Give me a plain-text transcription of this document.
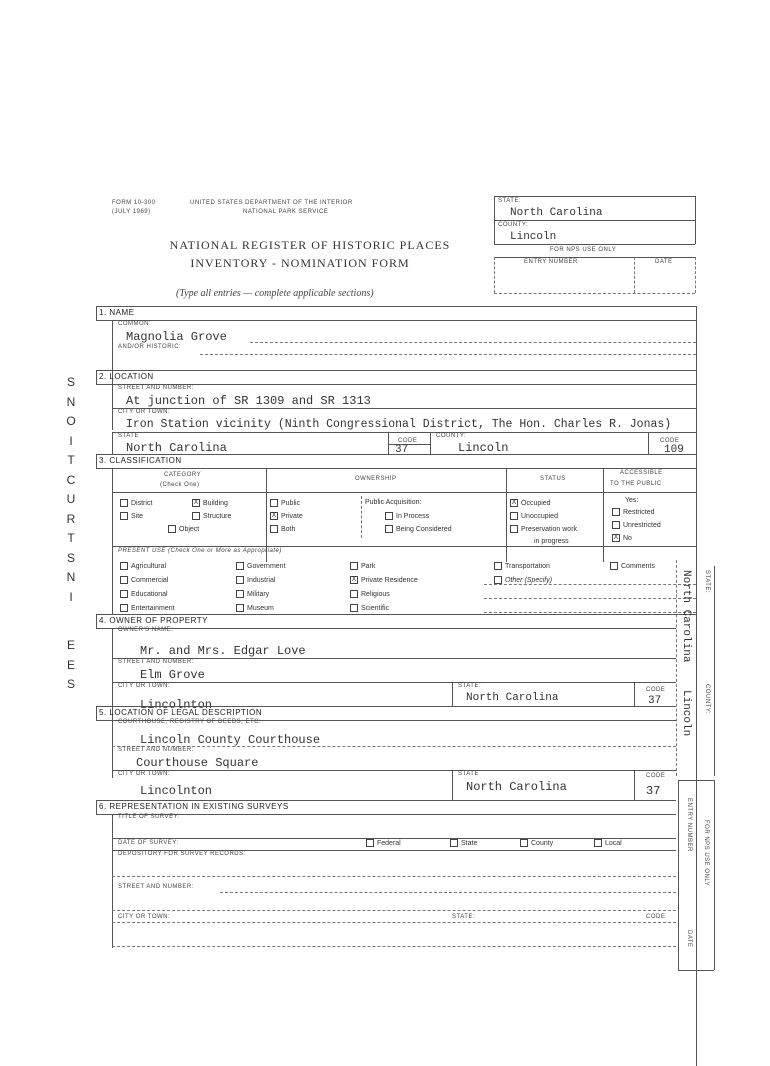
FORM 10-300
(JULY 1969)
UNITED STATES DEPARTMENT OF THE INTERIOR
NATIONAL PARK SERVICE
NATIONAL REGISTER OF HISTORIC PLACES
INVENTORY - NOMINATION FORM
(Type all entries — complete applicable sections)
STATE:
North Carolina
COUNTY:
Lincoln
FOR NPS USE ONLY
ENTRY NUMBER	DATE
S
N
O
I
T
C
U
R
T
S
N
I

E
E
S
1. NAME
COMMON:
Magnolia Grove
AND/OR HISTORIC:
2. LOCATION
STREET AND NUMBER:
At junction of SR 1309 and SR 1313
CITY OR TOWN:
Iron Station vicinity (Ninth Congressional District, The Hon. Charles R. Jonas)
STATE
North Carolina	CODE
37
COUNTY:
Lincoln	CODE
109
3. CLASSIFICATION
CATEGORY
(Check One)
OWNERSHIP	STATUS
ACCESSIBLE
TO THE PUBLIC
District	X Building
Site	Structure
Object
Public
X Private
Both
Public Acquisition:
In Process
Being Considered
X Occupied
Unoccupied
Preservation work
in progress
Yes:
Restricted
Unrestricted
X No
PRESENT USE (Check One or More as Appropriate)
Agricultural	Government	Park	Transportation	Comments
Commercial	Industrial	X Private Residence	Other (Specify)
Educational	Military	Religious
Entertainment	Museum	Scientific
4. OWNER OF PROPERTY
OWNER'S NAME:
Mr. and Mrs. Edgar Love
STREET AND NUMBER:
Elm Grove
CITY OR TOWN:
Lincolnton
STATE:
North Carolina
CODE
37
5. LOCATION OF LEGAL DESCRIPTION
COURTHOUSE, REGISTRY OF DEEDS, ETC:
Lincoln County Courthouse
STREET AND NUMBER:
Courthouse Square
CITY OR TOWN:
Lincolnton
STATE
North Carolina
CODE
37
6. REPRESENTATION IN EXISTING SURVEYS
TITLE OF SURVEY:
DATE OF SURVEY:	Federal	State	County	Local
DEPOSITORY FOR SURVEY RECORDS:
STREET AND NUMBER:
CITY OR TOWN:	STATE:	CODE
STATE:
North Carolina
COUNTY:
Lincoln
FOR NPS USE ONLY
ENTRY NUMBER
DATE
